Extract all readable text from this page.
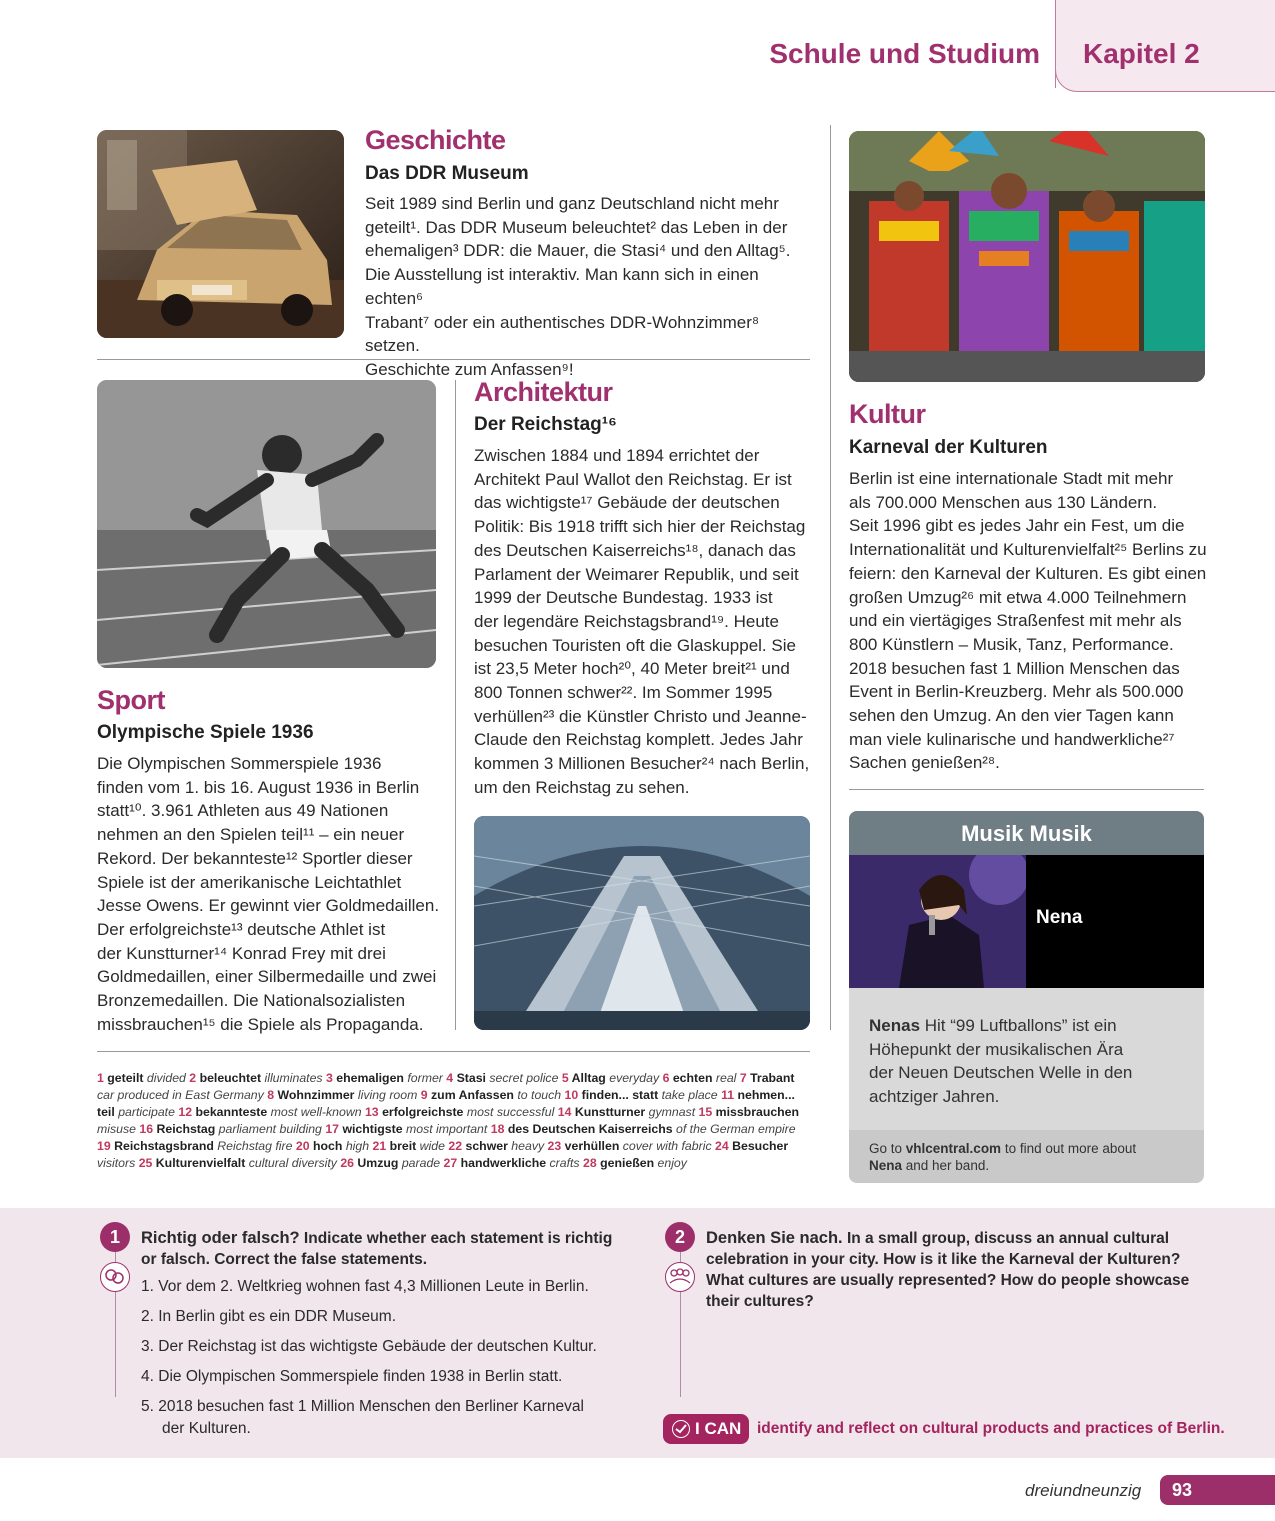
Schule und Studium Kapitel 2
Geschichte
Das DDR Museum
Seit 1989 sind Berlin und ganz Deutschland nicht mehr
geteilt¹. Das DDR Museum beleuchtet² das Leben in der
ehemaligen³ DDR: die Mauer, die Stasi⁴ und den Alltag⁵.
Die Ausstellung ist interaktiv. Man kann sich in einen echten⁶
Trabant⁷ oder ein authentisches DDR-Wohnzimmer⁸ setzen.
Geschichte zum Anfassen⁹!
Sport
Olympische Spiele 1936
Die Olympischen Sommerspiele 1936
finden vom 1. bis 16. August 1936 in Berlin
statt¹⁰. 3.961 Athleten aus 49 Nationen
nehmen an den Spielen teil¹¹ – ein neuer
Rekord. Der bekannteste¹² Sportler dieser
Spiele ist der amerikanische Leichtathlet
Jesse Owens. Er gewinnt vier Goldmedaillen.
Der erfolgreichste¹³ deutsche Athlet ist
der Kunstturner¹⁴ Konrad Frey mit drei
Goldmedaillen, einer Silbermedaille und zwei
Bronzemedaillen. Die Nationalsozialisten
missbrauchen¹⁵ die Spiele als Propaganda.
Architektur
Der Reichstag¹⁶
Zwischen 1884 und 1894 errichtet der
Architekt Paul Wallot den Reichstag. Er ist
das wichtigste¹⁷ Gebäude der deutschen
Politik: Bis 1918 trifft sich hier der Reichstag
des Deutschen Kaiserreichs¹⁸, danach das
Parlament der Weimarer Republik, und seit
1999 der Deutsche Bundestag. 1933 ist
der legendäre Reichstagsbrand¹⁹. Heute
besuchen Touristen oft die Glaskuppel. Sie
ist 23,5 Meter hoch²⁰, 40 Meter breit²¹ und
800 Tonnen schwer²². Im Sommer 1995
verhüllen²³ die Künstler Christo und Jeanne-
Claude den Reichstag komplett. Jedes Jahr
kommen 3 Millionen Besucher²⁴ nach Berlin,
um den Reichstag zu sehen.
Kultur
Karneval der Kulturen
Berlin ist eine internationale Stadt mit mehr
als 700.000 Menschen aus 130 Ländern.
Seit 1996 gibt es jedes Jahr ein Fest, um die
Internationalität und Kulturenvielfalt²⁵ Berlins zu
feiern: den Karneval der Kulturen. Es gibt einen
großen Umzug²⁶ mit etwa 4.000 Teilnehmern
und ein viertägiges Straßenfest mit mehr als
800 Künstlern – Musik, Tanz, Performance.
2018 besuchen fast 1 Million Menschen das
Event in Berlin-Kreuzberg. Mehr als 500.000
sehen den Umzug. An den vier Tagen kann
man viele kulinarische und handwerkliche²⁷
Sachen genießen²⁸.
Musik Musik
Nena
Nenas Hit “99 Luftballons” ist ein
Höhepunkt der musikalischen Ära
der Neuen Deutschen Welle in den
achtziger Jahren.
Go to vhlcentral.com to find out more about
Nena and her band.
1 geteilt divided 2 beleuchtet illuminates 3 ehemaligen former 4 Stasi secret police 5 Alltag everyday 6 echten real 7 Trabant car produced in East Germany 8 Wohnzimmer living room 9 zum Anfassen to touch 10 finden... statt take place 11 nehmen... teil participate 12 bekannteste most well-known 13 erfolgreichste most successful 14 Kunstturner gymnast 15 missbrauchen misuse 16 Reichstag parliament building 17 wichtigste most important 18 des Deutschen Kaiserreichs of the German empire 19 Reichstagsbrand Reichstag fire 20 hoch high 21 breit wide 22 schwer heavy 23 verhüllen cover with fabric 24 Besucher visitors 25 Kulturenvielfalt cultural diversity 26 Umzug parade 27 handwerkliche crafts 28 genießen enjoy
1	Richtig oder falsch? Indicate whether each statement is richtig
or falsch. Correct the false statements.
1. Vor dem 2. Weltkrieg wohnen fast 4,3 Millionen Leute in Berlin.
2. In Berlin gibt es ein DDR Museum.
3. Der Reichstag ist das wichtigste Gebäude der deutschen Kultur.
4. Die Olympischen Sommerspiele finden 1938 in Berlin statt.
5. 2018 besuchen fast 1 Million Menschen den Berliner Karneval
der Kulturen.
2	Denken Sie nach. In a small group, discuss an annual cultural
celebration in your city. How is it like the Karneval der Kulturen?
What cultures are usually represented? How do people showcase
their cultures?
I CAN	identify and reflect on cultural products and practices of Berlin.
dreiundneunzig	93
